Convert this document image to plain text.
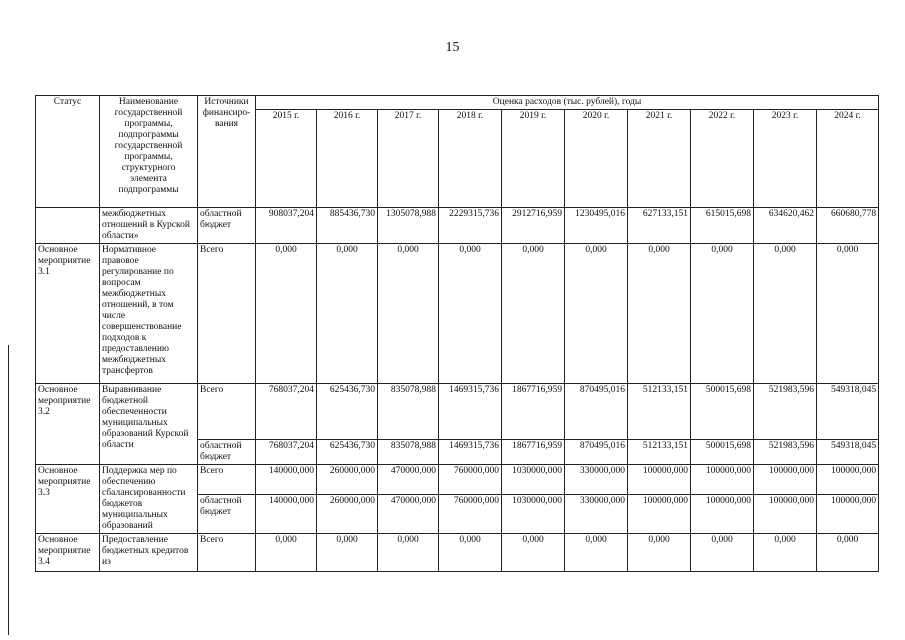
15
Статус	Наименование государственной программы, подпрограммы государственной программы, структурного элемента подпрограммы	Источники финансиро-вания	Оценка расходов (тыс. рублей), годы									
			2015 г.	2016 г.	2017 г.	2018 г.	2019 г.	2020 г.	2021 г.	2022 г.	2023 г.	2024 г.
	межбюджетных отношений в Курской области»	областной бюджет	908037,204	885436,730	1305078,988	2229315,736	2912716,959	1230495,016	627133,151	615015,698	634620,462	660680,778
Основное мероприятие 3.1	Нормативное правовое регулирование по вопросам межбюджетных отношений, в том числе совершенствование подходов к предоставлению межбюджетных трансфертов	Всего	0,000	0,000	0,000	0,000	0,000	0,000	0,000	0,000	0,000	0,000
Основное мероприятие 3.2	Выравнивание бюджетной обеспеченности муниципальных образований Курской области	Всего	768037,204	625436,730	835078,988	1469315,736	1867716,959	870495,016	512133,151	500015,698	521983,596	549318,045
		областной бюджет	768037,204	625436,730	835078,988	1469315,736	1867716,959	870495,016	512133,151	500015,698	521983,596	549318,045
Основное мероприятие 3.3	Поддержка мер по обеспечению сбалансированности бюджетов муниципальных образований	Всего	140000,000	260000,000	470000,000	760000,000	1030000,000	330000,000	100000,000	100000,000	100000,000	100000,000
		областной бюджет	140000,000	260000,000	470000,000	760000,000	1030000,000	330000,000	100000,000	100000,000	100000,000	100000,000
Основное мероприятие 3.4	Предоставление бюджетных кредитов из	Всего	0,000	0,000	0,000	0,000	0,000	0,000	0,000	0,000	0,000	0,000
